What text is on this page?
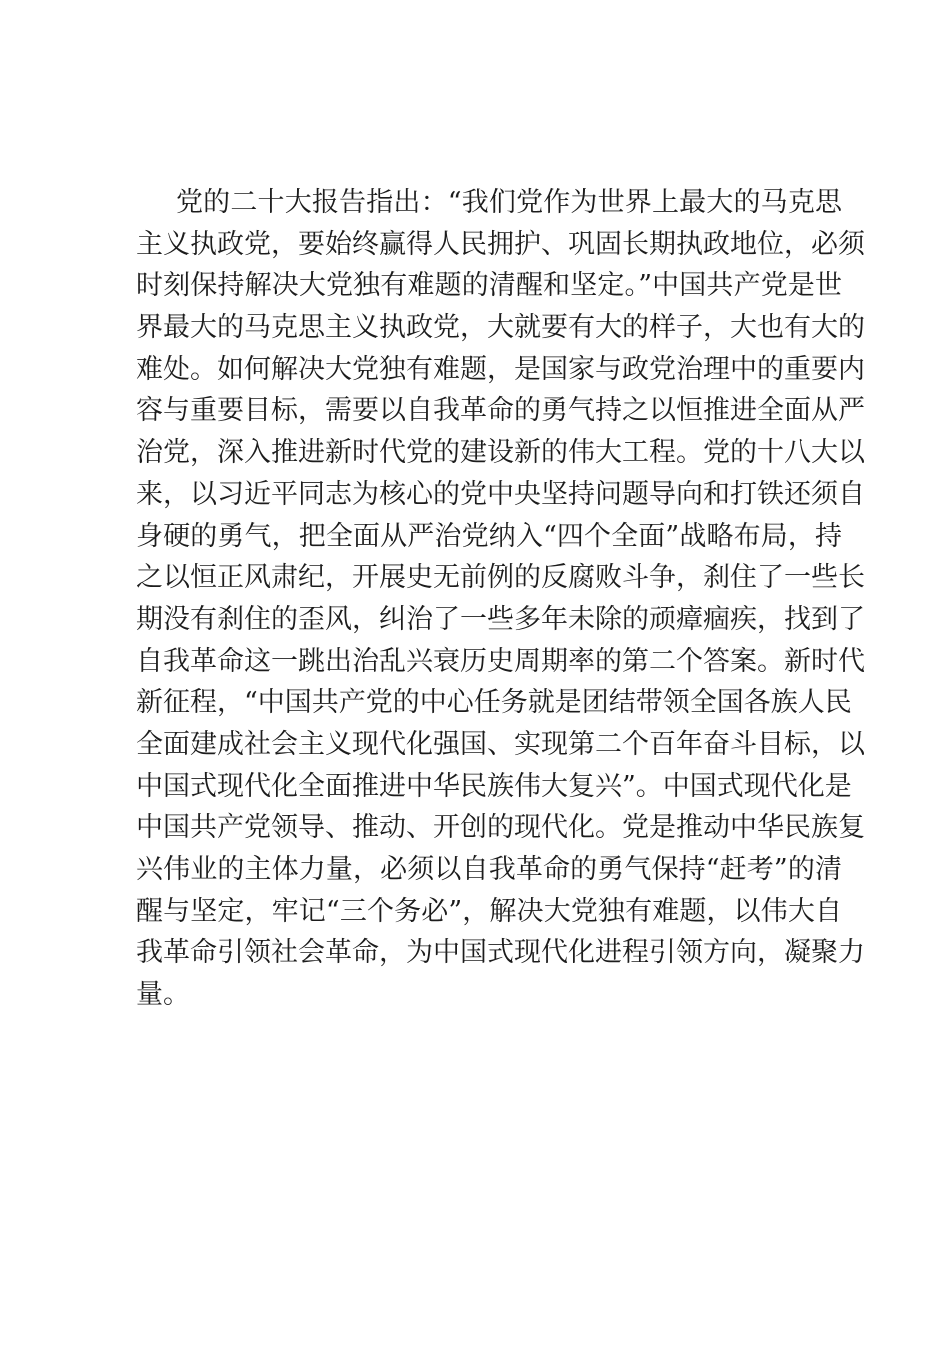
党的二十大报告指出：“我们党作为世界上最大的马克思
主义执政党，要始终赢得人民拥护、巩固长期执政地位，必须
时刻保持解决大党独有难题的清醒和坚定。”中国共产党是世
界最大的马克思主义执政党，大就要有大的样子，大也有大的
难处。如何解决大党独有难题，是国家与政党治理中的重要内
容与重要目标，需要以自我革命的勇气持之以恒推进全面从严
治党，深入推进新时代党的建设新的伟大工程。党的十八大以
来，以习近平同志为核心的党中央坚持问题导向和打铁还须自
身硬的勇气，把全面从严治党纳入“四个全面”战略布局，持
之以恒正风肃纪，开展史无前例的反腐败斗争，刹住了一些长
期没有刹住的歪风，纠治了一些多年未除的顽瘴痼疾，找到了
自我革命这一跳出治乱兴衰历史周期率的第二个答案。新时代
新征程，“中国共产党的中心任务就是团结带领全国各族人民
全面建成社会主义现代化强国、实现第二个百年奋斗目标，以
中国式现代化全面推进中华民族伟大复兴”。中国式现代化是
中国共产党领导、推动、开创的现代化。党是推动中华民族复
兴伟业的主体力量，必须以自我革命的勇气保持“赶考”的清
醒与坚定，牢记“三个务必”，解决大党独有难题，以伟大自
我革命引领社会革命，为中国式现代化进程引领方向，凝聚力
量。
